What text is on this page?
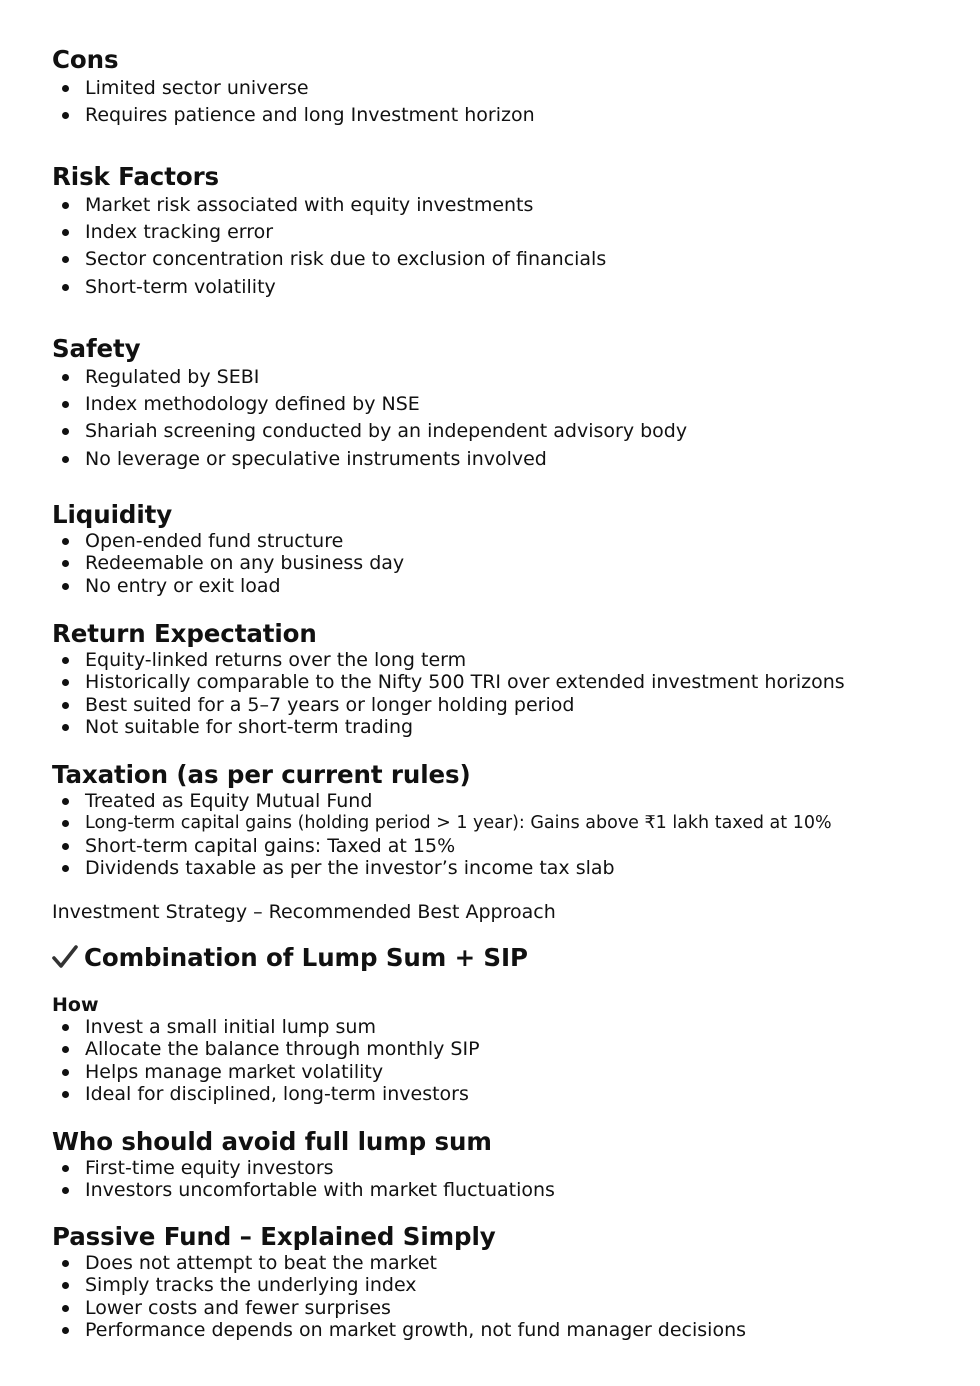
Cons
Limited sector universe
Requires patience and long Investment horizon
Risk Factors
Market risk associated with equity investments
Index tracking error
Sector concentration risk due to exclusion of financials
Short-term volatility
Safety
Regulated by SEBI
Index methodology defined by NSE
Shariah screening conducted by an independent advisory body
No leverage or speculative instruments involved
Liquidity
Open-ended fund structure
Redeemable on any business day
No entry or exit load
Return Expectation
Equity-linked returns over the long term
Historically comparable to the Nifty 500 TRI over extended investment horizons
Best suited for a 5–7 years or longer holding period
Not suitable for short-term trading
Taxation (as per current rules)
Treated as Equity Mutual Fund
Long-term capital gains (holding period > 1 year): Gains above ₹1 lakh taxed at 10%
Short-term capital gains: Taxed at 15%
Dividends taxable as per the investor’s income tax slab
Investment Strategy – Recommended Best Approach
Combination of Lump Sum + SIP
How
Invest a small initial lump sum
Allocate the balance through monthly SIP
Helps manage market volatility
Ideal for disciplined, long-term investors
Who should avoid full lump sum
First-time equity investors
Investors uncomfortable with market fluctuations
Passive Fund – Explained Simply
Does not attempt to beat the market
Simply tracks the underlying index
Lower costs and fewer surprises
Performance depends on market growth, not fund manager decisions
